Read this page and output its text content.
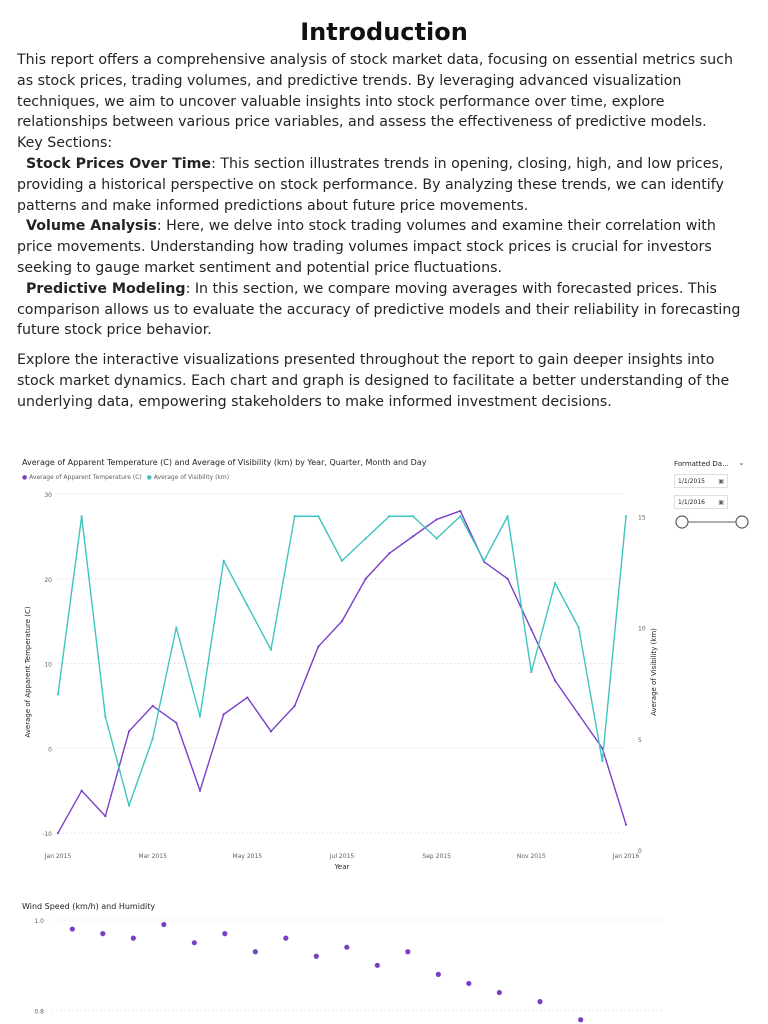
Introduction

This report offers a comprehensive analysis of stock market data, focusing on essential metrics such as stock prices, trading volumes, and predictive trends. By leveraging advanced visualization techniques, we aim to uncover valuable insights into stock performance over time, explore relationships between various price variables, and assess the effectiveness of predictive models.

Key Sections:

Stock Prices Over Time: This section illustrates trends in opening, closing, high, and low prices, providing a historical perspective on stock performance. By analyzing these trends, we can identify patterns and make informed predictions about future price movements.

Volume Analysis: Here, we delve into stock trading volumes and examine their correlation with price movements. Understanding how trading volumes impact stock prices is crucial for investors seeking to gauge market sentiment and potential price fluctuations.

Predictive Modeling: In this section, we compare moving averages with forecasted prices. This comparison allows us to evaluate the accuracy of predictive models and their reliability in forecasting future stock price behavior.

Explore the interactive visualizations presented throughout the report to gain deeper insights into stock market dynamics. Each chart and graph is designed to facilitate a better understanding of the underlying data, empowering stakeholders to make informed investment decisions.

Average of Apparent Temperature (C) and Average of Visibility (km) by Year, Quarter, Month and Day
● Average of Apparent Temperature (C) ● Average of Visibility (km)
-10
0
10
20
30
0
5
10
15
Jan 2015	Mar 2015	May 2015	Jul 2015	Sep 2015	Nov 2015	Jan 2016
Year
Average of Apparent Temperature (C)	Average of Visibility (km)
Formatted Da... ⌄
1/1/2015 ▣
1/1/2016 ▣
Wind Speed (km/h) and Humidity
0.8
1.0
